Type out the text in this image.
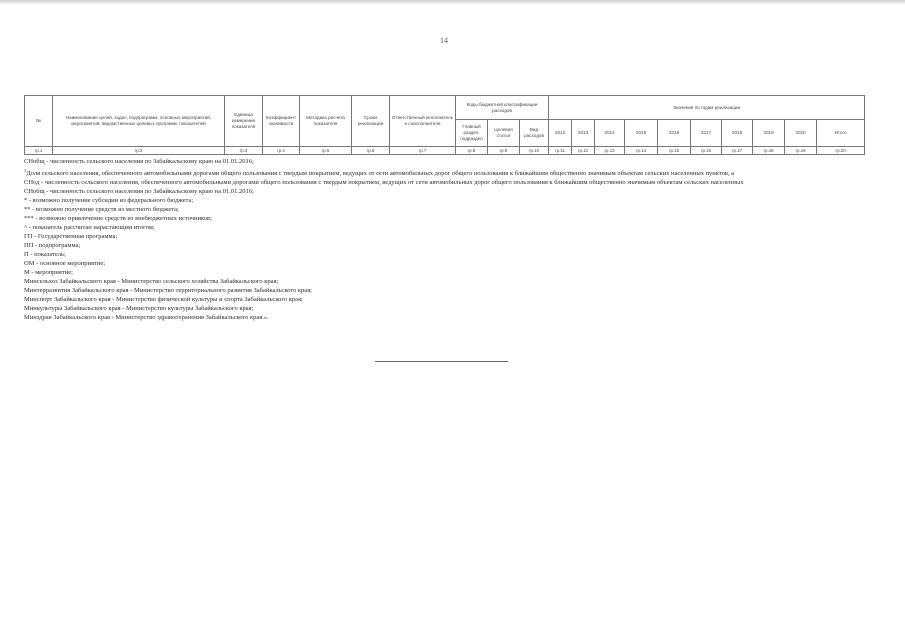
14
№	Наименование целей, задач, подпрограмм, основных мероприятий, мероприятий, ведомственных целевых программ, показателей	Единица измерения показателя	Коэффициент значимости	Методика расчета показателя	Сроки реализации	Ответственный исполнитель и соисполнители	Коды бюджетной классификации расходов			Значения по годам реализации									
							Главный раздел, подраздел	Целевая статья	Вид расходов	2012	2013	2014	2015	2016	2017	2018	2019	2020	Итого
гр.1	гр.2	гр.3	гр.4	гр.5	гр.6	гр.7	гр.8	гр.9	гр.10	гр.11	гр.12	гр.13	гр.14	гр.15	гр.16	гр.17	гр.18	гр.19	гр.20

СНобщ - численность сельского населения по Забайкальскому краю на 01.01.2016;

$^1$Доля сельского населения, обеспеченного автомобильными дорогами общего пользования с твердым покрытием, ведущих от сети автомобильных дорог общего пользования к ближайшим общественно значимым объектам сельских населенных пунктов, а

СНод - численность сельского населения, обеспеченного автомобильными дорогами общего пользования с твердым покрытием, ведущих от сети автомобильных дорог общего пользования к ближайшим общественно значимым объектам сельских населенных

СНобщ - численность сельского населения по Забайкальскому краю на 01.01.2016;

* - возможно получение субсидии из федерального бюджета;

** - возможно получение средств из местного бюджета;

*** - возможно привлечение средств из внебюджетных источников;

^ - показатель рассчитан нарастающим итогом;

ГП - Государственная программа;

ПП - подпрограмма;

П - показатель;

ОМ - основное мероприятие;

М - мероприятие;

Минсельхоз Забайкальского края - Министерство сельского хозяйства Забайкальского края;

Минтерразвития Забайкальского края - Министерство территориального развития Забайкальского края;

Минспорт Забайкальского края - Министерство физической культуры и спорта Забайкальского края;

Минкультуры Забайкальского края - Министерство культуры Забайкальского края;

Минздрав Забайкальского края - Министерство здравоохранения Забайкальского края.».
